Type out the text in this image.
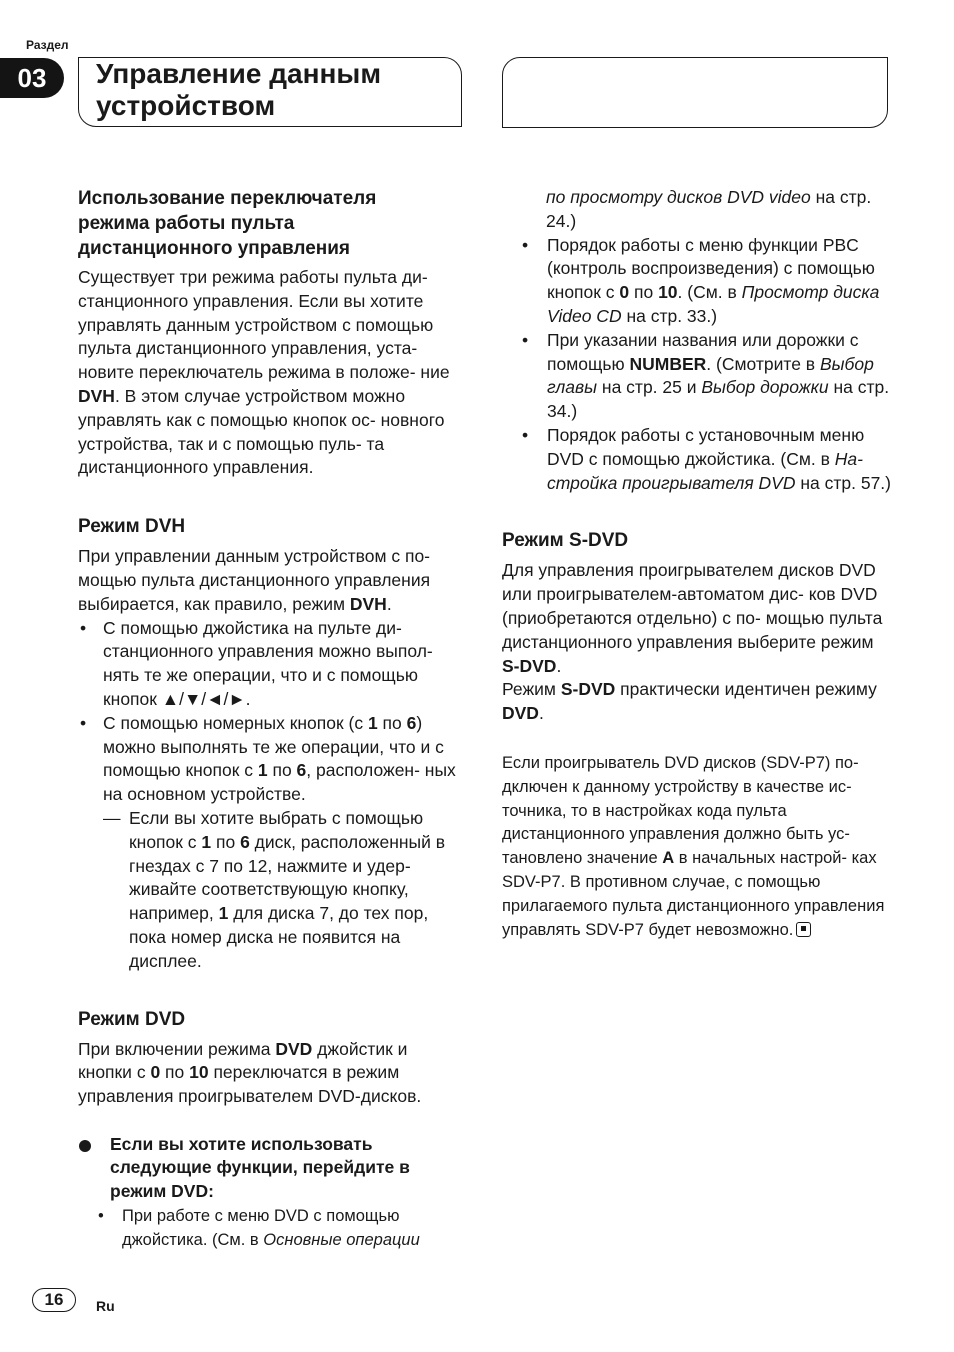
Раздел
03	Управление данным
устройством
Использование переключателя
режима работы пульта
дистанционного управления

Существует три режима работы пульта ди- станционного управления. Если вы хотите управлять данным устройством с помощью пульта дистанционного управления, уста- новите переключатель режима в положе- ние DVH. В этом случае устройством можно управлять как с помощью кнопок ос- новного устройства, так и с помощью пуль- та дистанционного управления.

Режим DVH

При управлении данным устройством с по- мощью пульта дистанционного управления выбирается, как правило, режим DVH.

• С помощью джойстика на пульте ди- станционного управления можно выпол- нять те же операции, что и с помощью кнопок ▲/▼/◄/►.
• С помощью номерных кнопок (с 1 по 6) можно выполнять те же операции, что и с помощью кнопок с 1 по 6, расположен- ных на основном устройстве.

— Если вы хотите выбрать с помощью кнопок с 1 по 6 диск, расположенный в гнездах с 7 по 12, нажмите и удер- живайте соответствующую кнопку, например, 1 для диска 7, до тех пор, пока номер диска не появится на дисплее.

Режим DVD

При включении режима DVD джойстик и кнопки с 0 по 10 переключатся в режим управления проигрывателем DVD-дисков.

Если вы хотите использовать следующие функции, перейдите в режим DVD:
• При работе с меню DVD с помощью джойстика. (См. в Основные операции
по просмотру дисков DVD video на стр. 24.)
• Порядок работы с меню функции PBC (контроль воспроизведения) с помощью кнопок с 0 по 10. (См. в Просмотр диска Video CD на стр. 33.)
• При указании названия или дорожки с помощью NUMBER. (Смотрите в Выбор главы на стр. 25 и Выбор дорожки на стр. 34.)
• Порядок работы с установочным меню DVD с помощью джойстика. (См. в На- стройка проигрывателя DVD на стр. 57.)
Режим S-DVD

Для управления проигрывателем дисков DVD или проигрывателем-автоматом дис- ков DVD (приобретаются отдельно) с по- мощью пульта дистанционного управления выберите режим S-DVD.
Режим S-DVD практически идентичен режиму DVD.

Если проигрыватель DVD дисков (SDV-P7) по- дключен к данному устройству в качестве ис- точника, то в настройках кода пульта дистанционного управления должно быть ус- тановлено значение A в начальных настрой- ках SDV-P7. В противном случае, с помощью прилагаемого пульта дистанционного управления управлять SDV-P7 будет невозможно.

16	Ru
